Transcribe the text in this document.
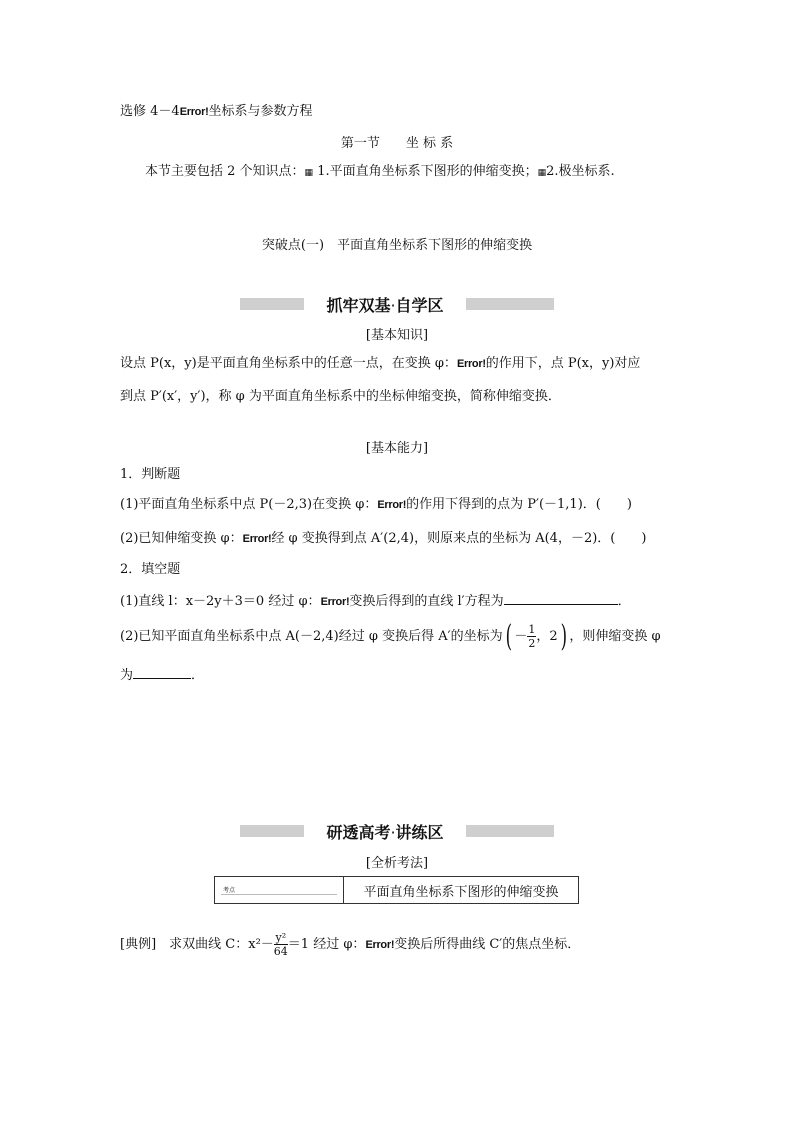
选修 4－4Error!坐标系与参数方程
第一节　　坐 标 系
本节主要包括 2 个知识点：▦ 1.平面直角坐标系下图形的伸缩变换；▦2.极坐标系.
突破点(一)　平面直角坐标系下图形的伸缩变换
抓牢双基·自学区
[基本知识]
设点 P(x，y)是平面直角坐标系中的任意一点，在变换 φ：Error!的作用下，点 P(x，y)对应
到点 P′(x′，y′)，称 φ 为平面直角坐标系中的坐标伸缩变换，简称伸缩变换．
[基本能力]
1．判断题
(1)平面直角坐标系中点 P(－2,3)在变换 φ：Error!的作用下得到的点为 P′(－1,1)．(　　)
(2)已知伸缩变换 φ：Error!经 φ 变换得到点 A′(2,4)，则原来点的坐标为 A(4，－2)．(　　)
2．填空题
(1)直线 l：x－2y＋3＝0 经过 φ：Error!变换后得到的直线 l′方程为	．
(2)已知平面直角坐标系中点 A(－2,4)经过 φ 变换后得 A′的坐标为( － $\frac{1}{2}$ ，2) ，则伸缩变换 φ
为	．
研透高考·讲练区
[全析考法]
考点	平面直角坐标系下图形的伸缩变换
[典例]　 求双曲线 C：$x^2- \frac{\text{y²}}{64} =1$ 经过 φ：Error!变换后所得曲线 C′的焦点坐标．
